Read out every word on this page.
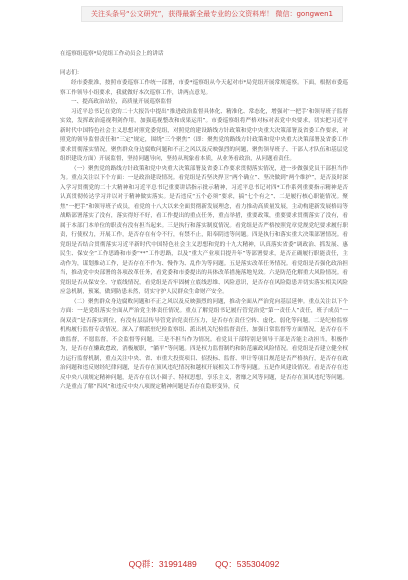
关注头条号“公文研究”，获得最新全最专业的公文资料库！ 微信：gongwen1

在巡察组巡察*局党组工作动员会上的讲话

同志们：

经市委批准，按照市委巡察工作统一部署，市委*巡察组从今天起对市*局党组开展常规巡察。下面，根据市委巡察工作领导小组要求，我就做好本次巡察工作，讲两点意见。

一、提高政治站位，高质量开展巡察监督

习近平总书记在党的二十大报告中提出“推进政治监督具体化、精准化、常态化，增强对‘一把手’和领导班子监督实效，发挥政治巡视利剑作用，加强巡视整改和成果运用”。市委巡察组将严格对标对表党中央要求，切实把习近平新时代中国特色社会主义思想对照党委党组，对照党的建设路线方针政策和党中央重大决策部署及省委工作要求，对照党的领导监督责任和“三定”规定，围绕“三个聚焦”（即：聚焦党的路线方针政策和党中央重大决策部署及省委工作要求贯彻落实情况，聚焦群众身边腐败问题和不正之风以及反映强烈的问题，聚焦领导班子、干部人才队伍和基层党组织建设方面）开展监督，坚持问题导向，坚持从现象看本质，从业务看政治，从问题看责任。

（一）聚焦党的路线方针政策和党中央重大决策部署及省委工作要求贯彻落实情况，进一步做强党员干部担当作为。重点关注以下个方面：一是政治建设情况。看党组是否坚决捍卫“两个确立”、坚决做到“两个维护”，是否及时深入学习贯彻党的二十大精神和习近平总书记重要讲话指示批示精神，习近平总书记对四*工作系列重要指示精神是否认真贯彻传达学习并以对于精神做实落实。是否违反“五个必须”要求，搞“七个有之”、二是履行核心职能情况。聚焦“一把手”和领导班子成员，看党的十八大以来全面贯彻新发展理念，看力推动高质量发展，主动构建新发展格局等战略部署落实了没有，落实得好不好，看工作提出的重点任务，重点举措，重要政策，重要要求贯彻落实了没有，看属于本部门本单位的职责有没有担当起来。三是执行和落实制度情况。看党组是否严格按照党章党规党纪要求履行职责，行使权力，开展工作，是否存在有令不行，有禁不止，阳奉阴违等问题。四是执行和落实重大决策部署情况。看党组是否结合贯彻落实习近平新时代中国特色社会主义思想和党的十九大精神，认真落实省委“调政治、抓发展、惠民生、保安全”工作思路和市委“**”工作思路，以及“重大产业项目提升年”等部署要求，是否正确履行职能责任，主动作为，谋划推动工作，是否存在不作为、慢作为、乱作为等问题。五是落实改革任务情况。看党组是否强化政治担当，推动党中央部署的各项改革任务，看党委和市委提出的具体改革措施落地见效。六是防范化解重大风险情况。看党组是否从保安全、守底线情况，看党组是否牢固树立底线思维、风险意识，是否存在风险隐患并切实落实相关风险应急机制，预案，做到防患未然，切实守护人民群众生命财产安全。

（二）聚焦群众身边腐败问题和不正之风以及反映强烈的问题，推动全面从严治党向基层延伸。重点关注以下个方面：一是党组落实全面从严治党主体责任情况。重点了解党组书记履行管党治党“第一责任人”责任，班子成员“一岗双责”是否落实到位，有没有层层传导管党治党责任压力，是否存在责任空转、虚化、弱化等问题。二是纪检监察机构履行监督专责情况。深入了解派驻纪检监察组、派出机关纪检监督责任，加强日常监督等方面情况，是否存在不敢监督，不愿监督，不会监督等问题。三是不担当作为情况。看党员干部特别是领导干部是否能主动担当，积极作为，是否存在懒政怠政，消极履职，“躺平”等问题。四是权力监督制约和防范廉政风险情况。看党组是否建立健全权力运行监督机制，重点关注中央、省、市重大投资项目、招投标、监督、审计等项目规范是否严格执行，是否存在政治问题和违反财经纪律问题，是否存在顶风违纪情况和越权开展相关工作等问题。五是作风建设情况。看是否存在违反中央八项规定精神问题，是否存在以小圈子、特权思想，享乐主义，奢靡之风等问题，是否存在顶风违纪等问题。六是重点了解“四风”和违反中央八项规定精神问题是否存在隐形变异，反

QQ群：31991489 QQ：535304092
